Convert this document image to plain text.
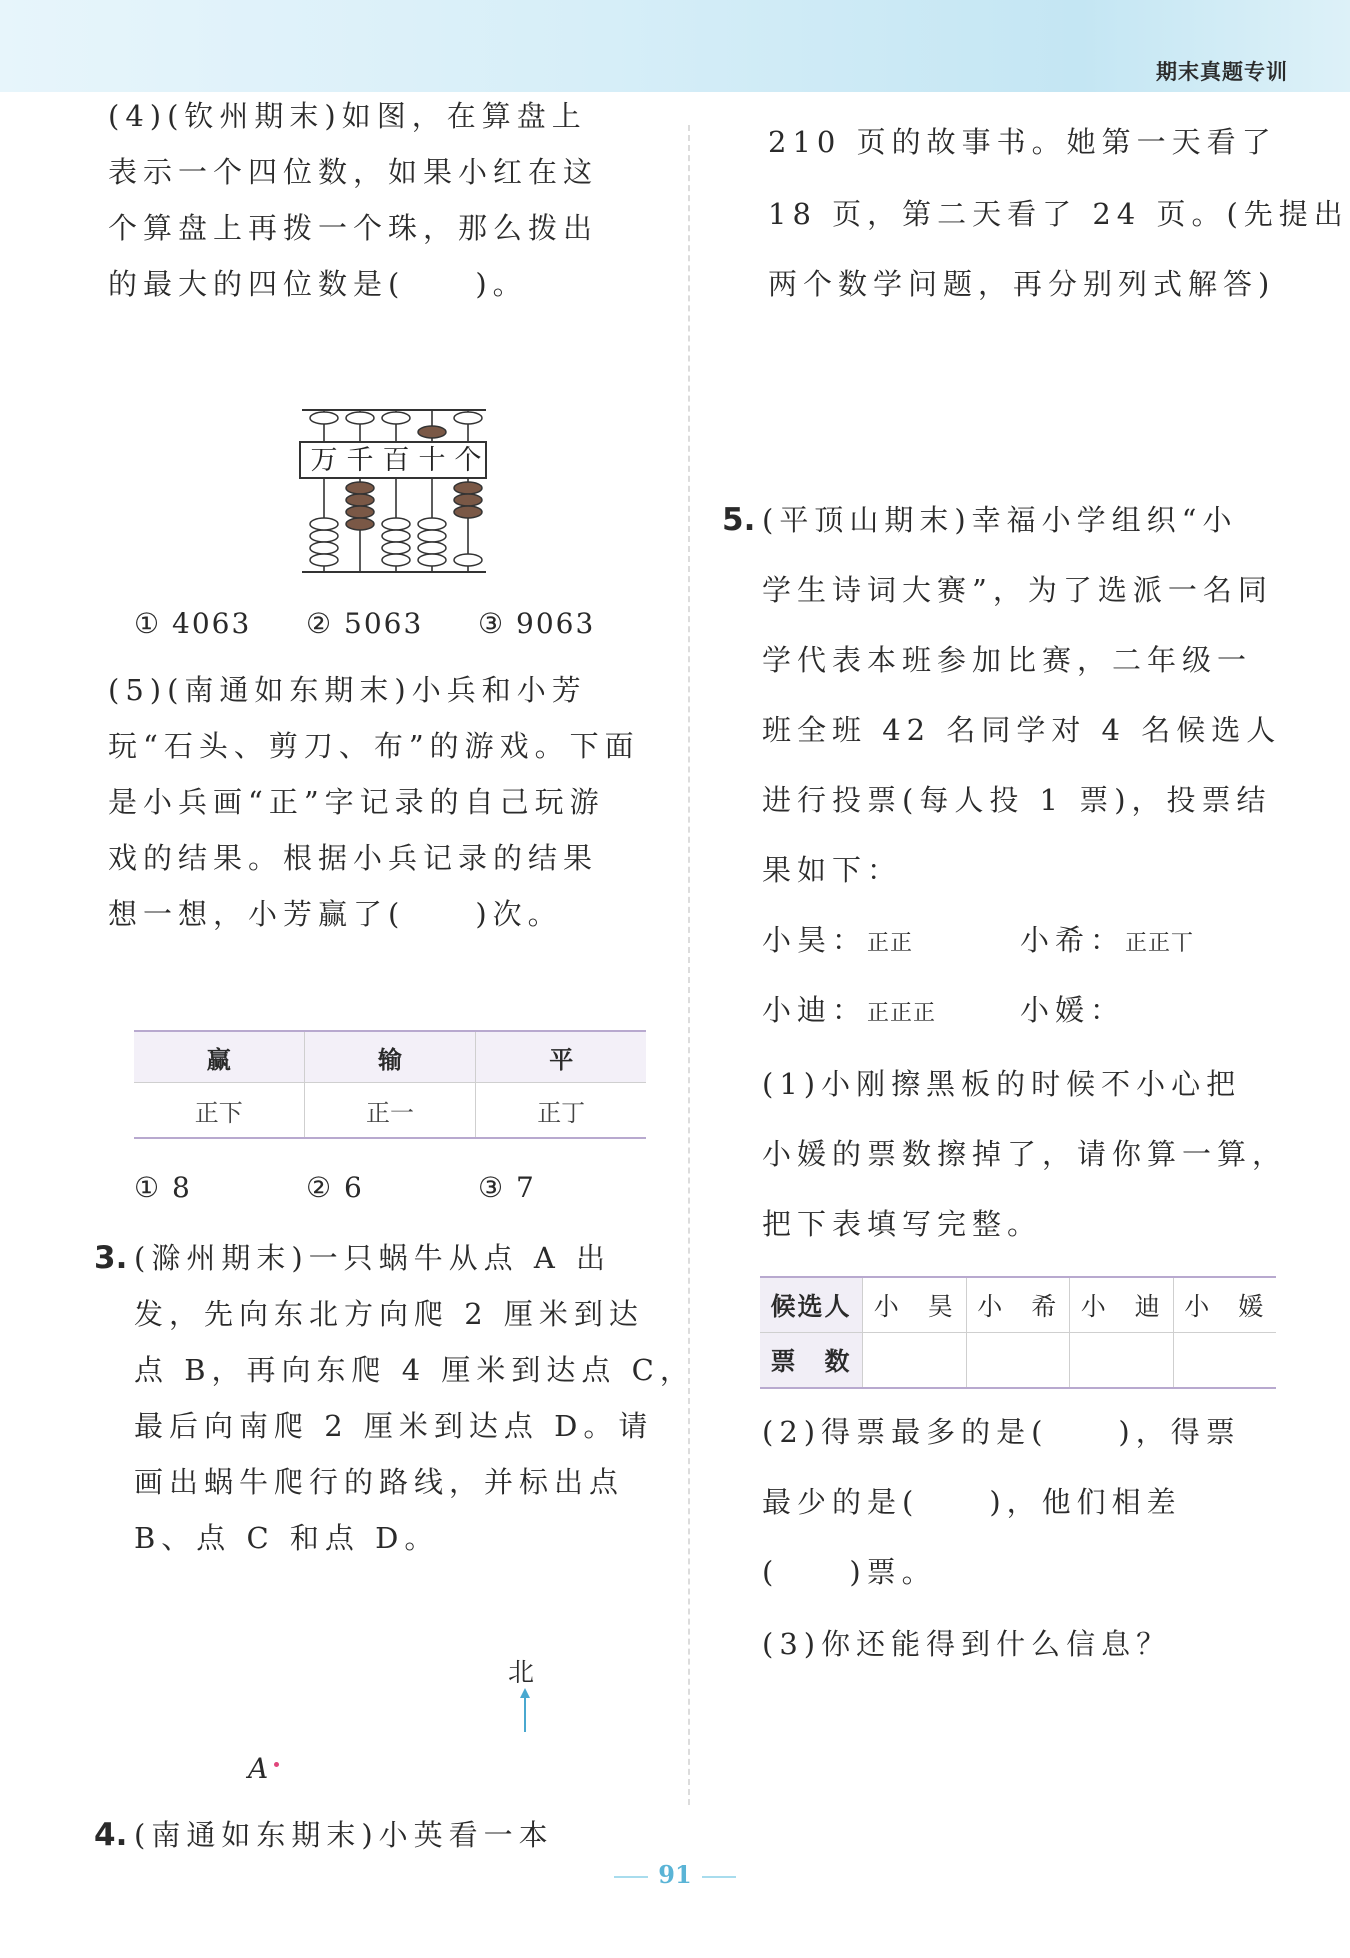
期末真题专训
(4)(钦州期末)如图，在算盘上
表示一个四位数，如果小红在这
个算盘上再拨一个珠，那么拨出
的最大的四位数是(　　)。
万 千 百 十 个
① 4063 ② 5063 ③ 9063
(5)(南通如东期末)小兵和小芳
玩“石头、剪刀、布”的游戏。下面
是小兵画“正”字记录的自己玩游
戏的结果。根据小兵记录的结果
想一想，小芳赢了(　　)次。
赢	输	平
正下	正一	正丁
① 8	② 6	③ 7
3. (滁州期末)一只蜗牛从点 A 出
发，先向东北方向爬 2 厘米到达
点 B，再向东爬 4 厘米到达点 C，
最后向南爬 2 厘米到达点 D。请
画出蜗牛爬行的路线，并标出点
B、点 C 和点 D。
北
A
4. (南通如东期末)小英看一本
210 页的故事书。她第一天看了
18 页，第二天看了 24 页。(先提出
两个数学问题，再分别列式解答)
5. (平顶山期末)幸福小学组织“小
学生诗词大赛”，为了选派一名同
学代表本班参加比赛，二年级一
班全班 42 名同学对 4 名候选人
进行投票(每人投 1 票)，投票结
果如下：
小昊：正正	小希：正正丅
小迪：正正正	小媛：
(1)小刚擦黑板的时候不小心把
小媛的票数擦掉了，请你算一算，
把下表填写完整。
候选人	小　昊	小　希	小　迪	小　媛
票　数				
(2)得票最多的是(　　)，得票
最少的是(　　)，他们相差
(　　)票。
(3)你还能得到什么信息？
91
